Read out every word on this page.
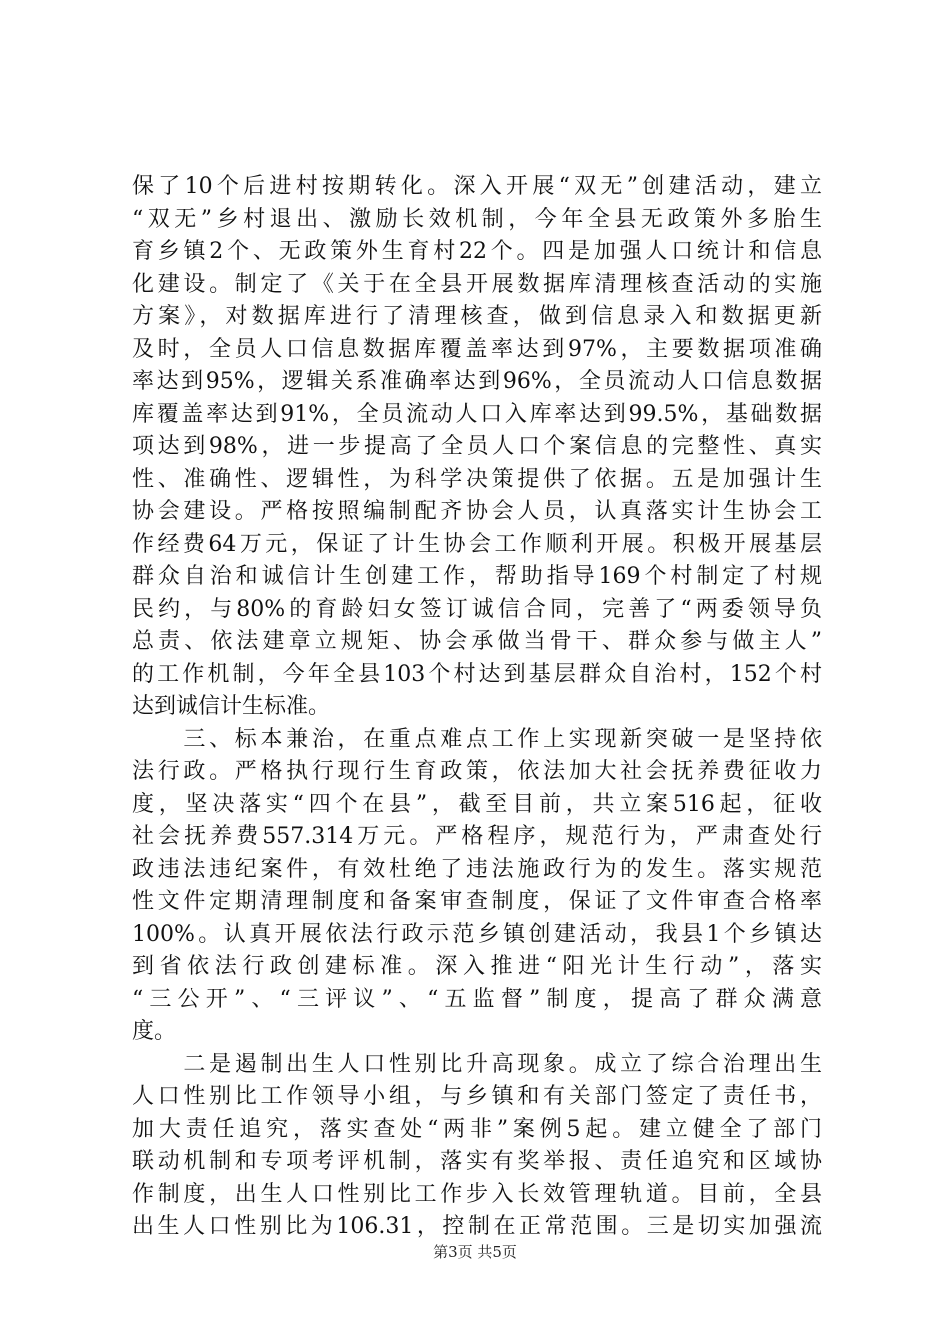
保了10个后进村按期转化。深入开展“双无”创建活动，建立
“双无”乡村退出、激励长效机制，今年全县无政策外多胎生
育乡镇2个、无政策外生育村22个。四是加强人口统计和信息
化建设。制定了《关于在全县开展数据库清理核查活动的实施
方案》，对数据库进行了清理核查，做到信息录入和数据更新
及时，全员人口信息数据库覆盖率达到97%，主要数据项准确
率达到95%，逻辑关系准确率达到96%，全员流动人口信息数据
库覆盖率达到91%，全员流动人口入库率达到99.5%，基础数据
项达到98%，进一步提高了全员人口个案信息的完整性、真实
性、准确性、逻辑性，为科学决策提供了依据。五是加强计生
协会建设。严格按照编制配齐协会人员，认真落实计生协会工
作经费64万元，保证了计生协会工作顺利开展。积极开展基层
群众自治和诚信计生创建工作，帮助指导169个村制定了村规
民约，与80%的育龄妇女签订诚信合同，完善了“两委领导负
总责、依法建章立规矩、协会承做当骨干、群众参与做主人”
的工作机制，今年全县103个村达到基层群众自治村，152个村
达到诚信计生标准。
　　三、标本兼治，在重点难点工作上实现新突破一是坚持依
法行政。严格执行现行生育政策，依法加大社会抚养费征收力
度，坚决落实“四个在县”，截至目前，共立案516起，征收
社会抚养费557.314万元。严格程序，规范行为，严肃查处行
政违法违纪案件，有效杜绝了违法施政行为的发生。落实规范
性文件定期清理制度和备案审查制度，保证了文件审查合格率
100%。认真开展依法行政示范乡镇创建活动，我县1个乡镇达
到省依法行政创建标准。深入推进“阳光计生行动”，落实
“三公开”、“三评议”、“五监督”制度，提高了群众满意
度。
　　二是遏制出生人口性别比升高现象。成立了综合治理出生
人口性别比工作领导小组，与乡镇和有关部门签定了责任书，
加大责任追究，落实查处“两非”案例5起。建立健全了部门
联动机制和专项考评机制，落实有奖举报、责任追究和区域协
作制度，出生人口性别比工作步入长效管理轨道。目前，全县
出生人口性别比为106.31，控制在正常范围。三是切实加强流
第3页 共5页
